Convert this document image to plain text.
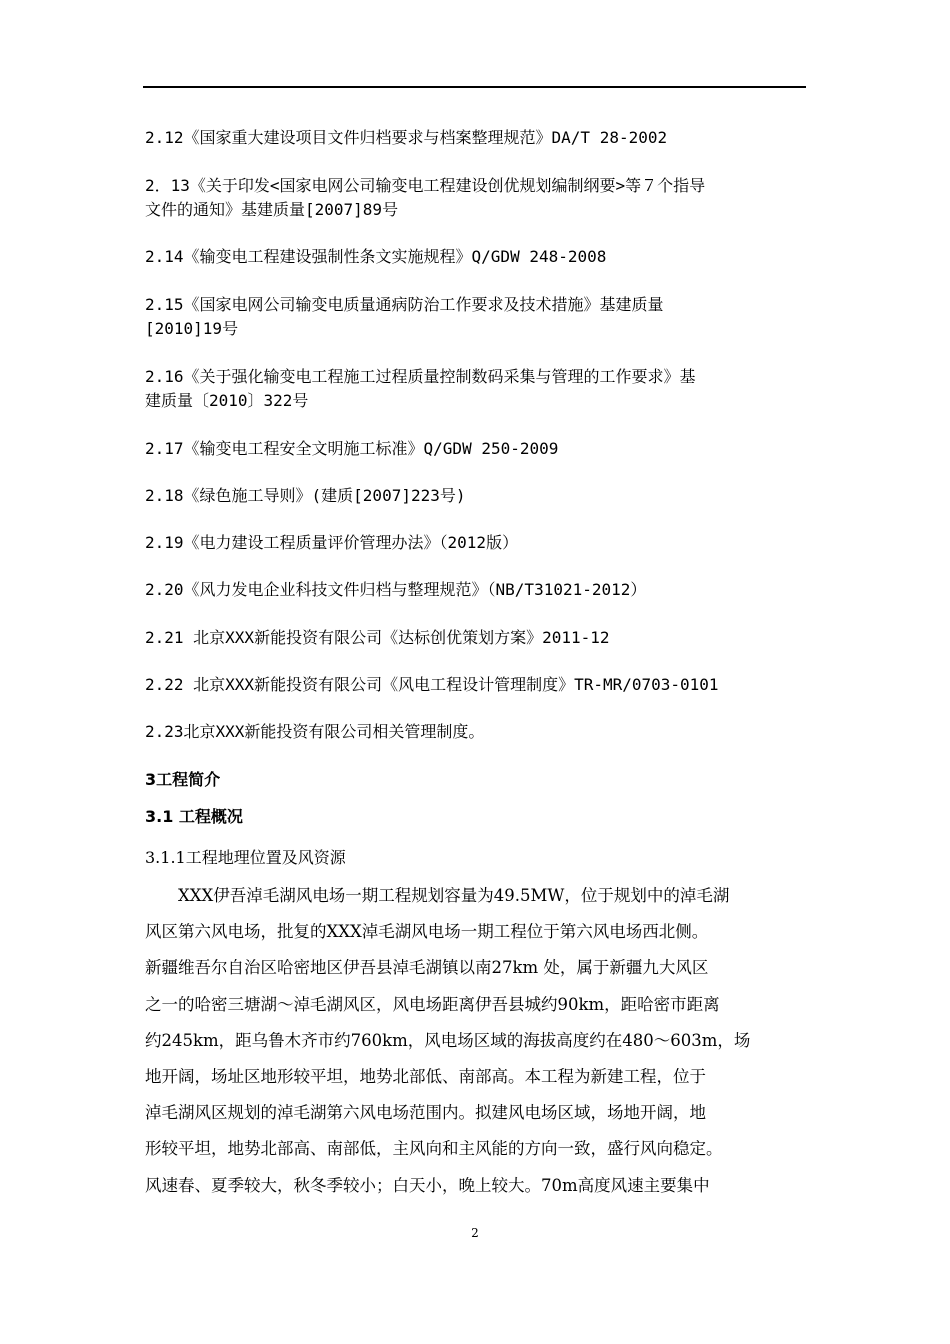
2.12《国家重大建设项目文件归档要求与档案整理规范》DA/T 28-2002
2．13《关于印发<国家电网公司输变电工程建设创优规划编制纲要>等７个指导
文件的通知》基建质量[2007]89号
2.14《输变电工程建设强制性条文实施规程》Q/GDW 248-2008
2.15《国家电网公司输变电质量通病防治工作要求及技术措施》基建质量
[2010]19号
2.16《关于强化输变电工程施工过程质量控制数码采集与管理的工作要求》基
建质量〔2010〕322号
2.17《输变电工程安全文明施工标准》Q/GDW 250-2009
2.18《绿色施工导则》(建质[2007]223号)
2.19《电力建设工程质量评价管理办法》（2012版）
2.20《风力发电企业科技文件归档与整理规范》（NB/T31021-2012）
2.21 北京XXX新能投资有限公司《达标创优策划方案》2011-12
2.22 北京XXX新能投资有限公司《风电工程设计管理制度》TR-MR/0703-0101
2.23北京XXX新能投资有限公司相关管理制度。
3工程简介
3.1 工程概况
3.1.1工程地理位置及风资源
　　XXX伊吾淖毛湖风电场一期工程规划容量为49.5MW，位于规划中的淖毛湖
风区第六风电场，批复的XXX淖毛湖风电场一期工程位于第六风电场西北侧。
新疆维吾尔自治区哈密地区伊吾县淖毛湖镇以南27km 处，属于新疆九大风区
之一的哈密三塘湖～淖毛湖风区，风电场距离伊吾县城约90km，距哈密市距离
约245km，距乌鲁木齐市约760km，风电场区域的海拔高度约在480～603m，场
地开阔，场址区地形较平坦，地势北部低、南部高。本工程为新建工程，位于
淖毛湖风区规划的淖毛湖第六风电场范围内。拟建风电场区域，场地开阔，地
形较平坦，地势北部高、南部低，主风向和主风能的方向一致，盛行风向稳定。
风速春、夏季较大，秋冬季较小；白天小，晚上较大。70m高度风速主要集中
2
